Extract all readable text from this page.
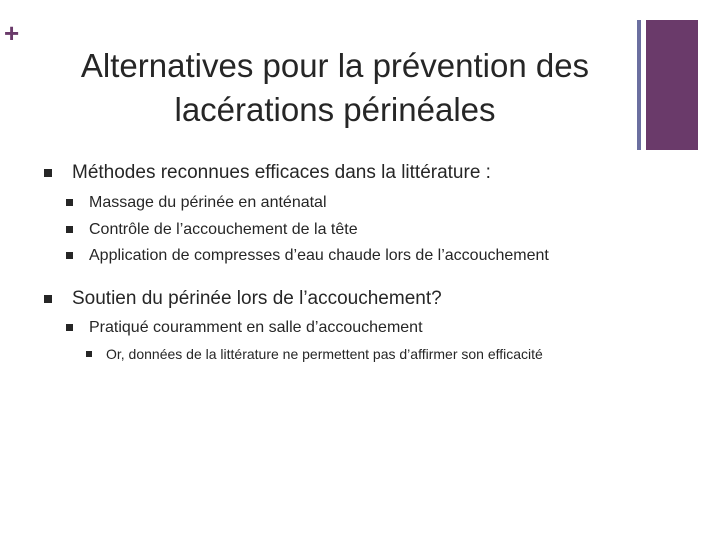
+
Alternatives pour la prévention des lacérations périnéales
Méthodes reconnues efficaces dans la littérature :
Massage du périnée en anténatal
Contrôle de l’accouchement de la tête
Application de compresses d’eau chaude lors de l’accouchement
Soutien du périnée lors de l’accouchement?
Pratiqué couramment en salle d’accouchement
Or, données de la littérature ne permettent pas d’affirmer son efficacité
